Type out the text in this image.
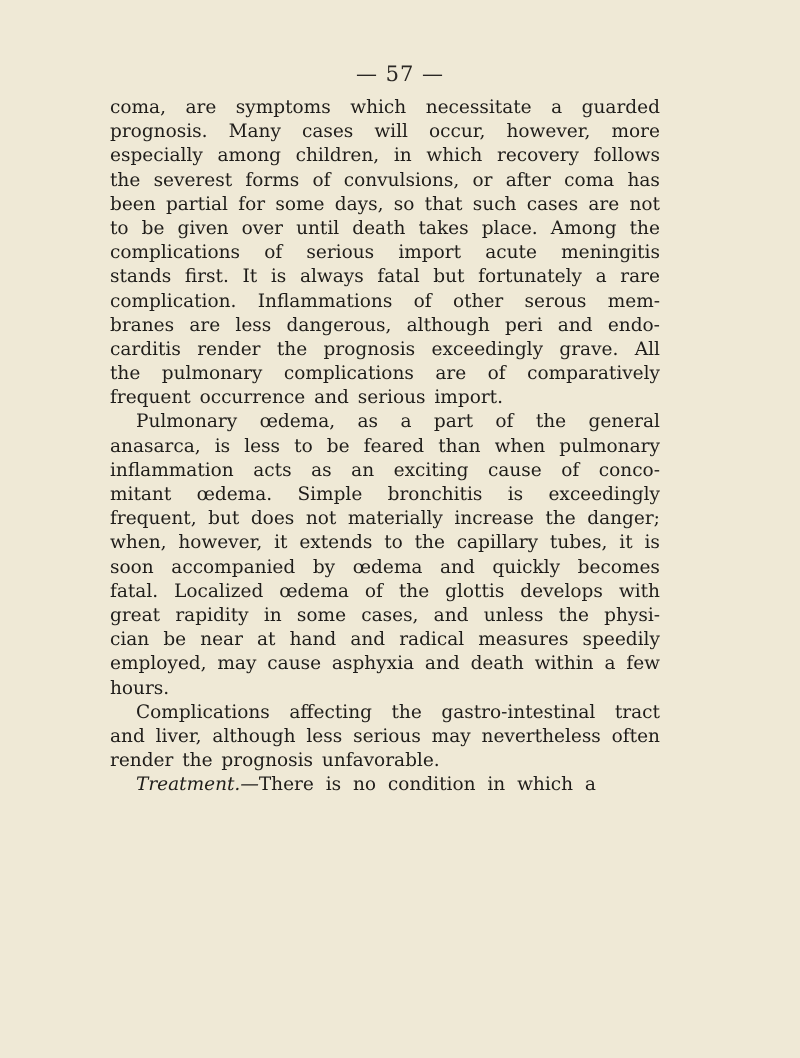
— 57 —
coma, are symptoms which necessitate a guarded
prognosis. Many cases will occur, however, more
especially among children, in which recovery follows
the severest forms of convulsions, or after coma has
been partial for some days, so that such cases are not
to be given over until death takes place. Among the
complications of serious import acute meningitis
stands first. It is always fatal but fortunately a rare
complication. Inflammations of other serous mem-
branes are less dangerous, although peri and endo-
carditis render the prognosis exceedingly grave. All
the pulmonary complications are of comparatively
frequent occurrence and serious import.
Pulmonary œdema, as a part of the general
anasarca, is less to be feared than when pulmonary
inflammation acts as an exciting cause of conco-
mitant œdema. Simple bronchitis is exceedingly
frequent, but does not materially increase the danger;
when, however, it extends to the capillary tubes, it is
soon accompanied by œdema and quickly becomes
fatal. Localized œdema of the glottis develops with
great rapidity in some cases, and unless the physi-
cian be near at hand and radical measures speedily
employed, may cause asphyxia and death within a few
hours.
Complications affecting the gastro-intestinal tract
and liver, although less serious may nevertheless often
render the prognosis unfavorable.
Treatment.— There is no condition in which a
